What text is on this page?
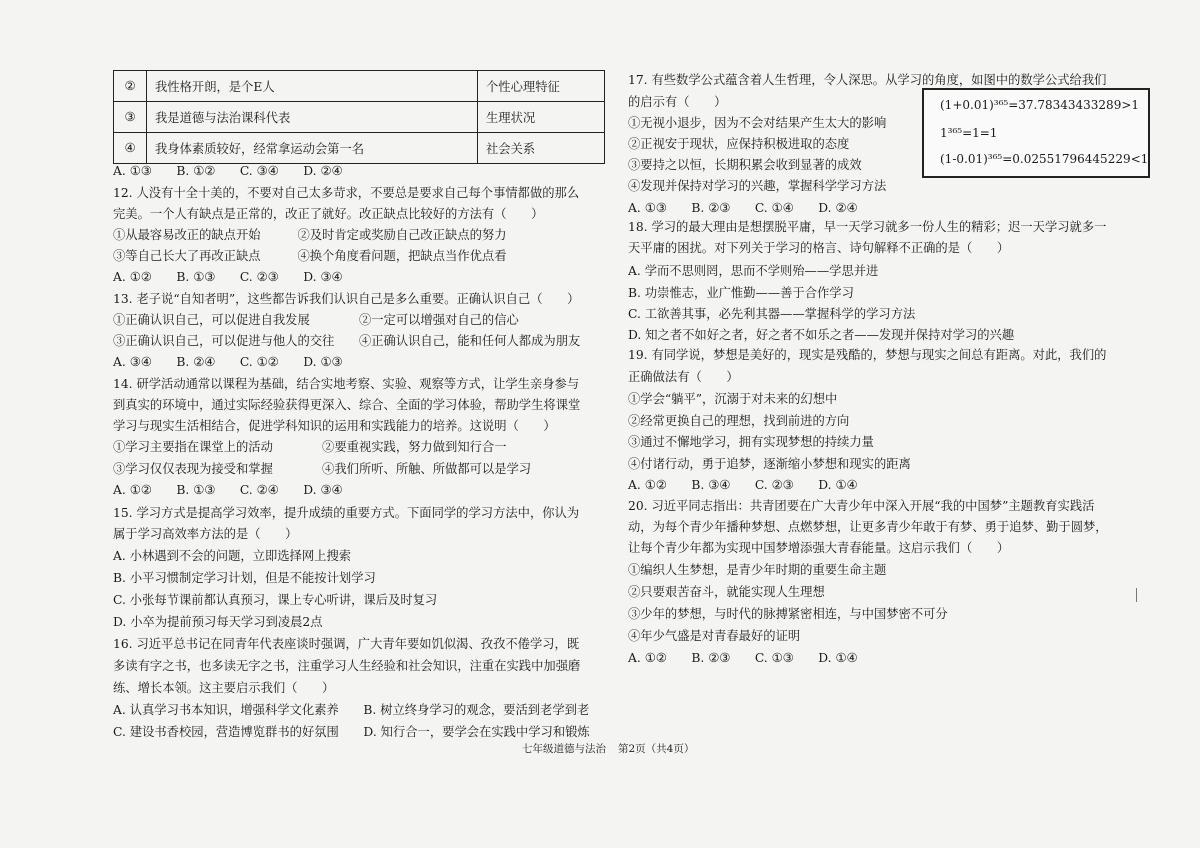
②	我性格开朗，是个E人	个性心理特征
③	我是道德与法治课科代表	生理状况
④	我身体素质较好，经常拿运动会第一名	社会关系
A. ①③　　B. ①②　　C. ③④　　D. ②④
12. 人没有十全十美的，不要对自己太多苛求，不要总是要求自己每个事情都做的那么
完美。一个人有缺点是正常的，改正了就好。改正缺点比较好的方法有（　　）
①从最容易改正的缺点开始　　　②及时肯定或奖励自己改正缺点的努力
③等自己长大了再改正缺点　　　④换个角度看问题，把缺点当作优点看
A. ①②　　B. ①③　　C. ②③　　D. ③④
13. 老子说“自知者明”，这些都告诉我们认识自己是多么重要。正确认识自己（　　）
①正确认识自己，可以促进自我发展　　　　②一定可以增强对自己的信心
③正确认识自己，可以促进与他人的交往　　④正确认识自己，能和任何人都成为朋友
A. ③④　　B. ②④　　C. ①②　　D. ①③
14. 研学活动通常以课程为基础，结合实地考察、实验、观察等方式，让学生亲身参与
到真实的环境中，通过实际经验获得更深入、综合、全面的学习体验，帮助学生将课堂
学习与现实生活相结合，促进学科知识的运用和实践能力的培养。这说明（　　）
①学习主要指在课堂上的活动　　　　②要重视实践，努力做到知行合一
③学习仅仅表现为接受和掌握　　　　④我们所听、所触、所做都可以是学习
A. ①②　　B. ①③　　C. ②④　　D. ③④
15. 学习方式是提高学习效率，提升成绩的重要方式。下面同学的学习方法中，你认为
属于学习高效率方法的是（　　）
A. 小林遇到不会的问题，立即选择网上搜索
B. 小平习惯制定学习计划，但是不能按计划学习
C. 小张每节课前都认真预习，课上专心听讲，课后及时复习
D. 小卒为提前预习每天学习到凌晨2点
16. 习近平总书记在同青年代表座谈时强调，广大青年要如饥似渴、孜孜不倦学习，既
多读有字之书，也多读无字之书，注重学习人生经验和社会知识，注重在实践中加强磨
练、增长本领。这主要启示我们（　　）
A. 认真学习书本知识，增强科学文化素养　　B. 树立终身学习的观念，要活到老学到老
C. 建设书香校园，营造博览群书的好氛围　　D. 知行合一，要学会在实践中学习和锻炼
17. 有些数学公式蕴含着人生哲理，令人深思。从学习的角度，如图中的数学公式给我们
的启示有（　　）
①无视小退步，因为不会对结果产生太大的影响
②正视安于现状，应保持积极进取的态度
③要持之以恒，长期积累会收到显著的成效
④发现并保持对学习的兴趣，掌握科学学习方法
A. ①③　　B. ②③　　C. ①④　　D. ②④
18. 学习的最大理由是想摆脱平庸，早一天学习就多一份人生的精彩；迟一天学习就多一
天平庸的困扰。对下列关于学习的格言、诗句解释不正确的是（　　）
A. 学而不思则罔，思而不学则殆——学思并进
B. 功崇惟志，业广惟勤——善于合作学习
C. 工欲善其事，必先利其器——掌握科学的学习方法
D. 知之者不如好之者，好之者不如乐之者——发现并保持对学习的兴趣
19. 有同学说，梦想是美好的，现实是残酷的，梦想与现实之间总有距离。对此，我们的
正确做法有（　　）
①学会“躺平”，沉溺于对未来的幻想中
②经常更换自己的理想，找到前进的方向
③通过不懈地学习，拥有实现梦想的持续力量
④付诸行动，勇于追梦，逐渐缩小梦想和现实的距离
A. ①②　　B. ③④　　C. ②③　　D. ①④
20. 习近平同志指出：共青团要在广大青少年中深入开展“我的中国梦”主题教育实践活
动，为每个青少年播种梦想、点燃梦想，让更多青少年敢于有梦、勇于追梦、勤于圆梦，
让每个青少年都为实现中国梦增添强大青春能量。这启示我们（　　）
①编织人生梦想，是青少年时期的重要生命主题
②只要艰苦奋斗，就能实现人生理想
③少年的梦想，与时代的脉搏紧密相连，与中国梦密不可分
④年少气盛是对青春最好的证明
A. ①②　　B. ②③　　C. ①③　　D. ①④
(1+0.01)³⁶⁵=37.78343433289>1
1³⁶⁵=1=1
(1-0.01)³⁶⁵=0.02551796445229<1
七年级道德与法治 第2页（共4页）
